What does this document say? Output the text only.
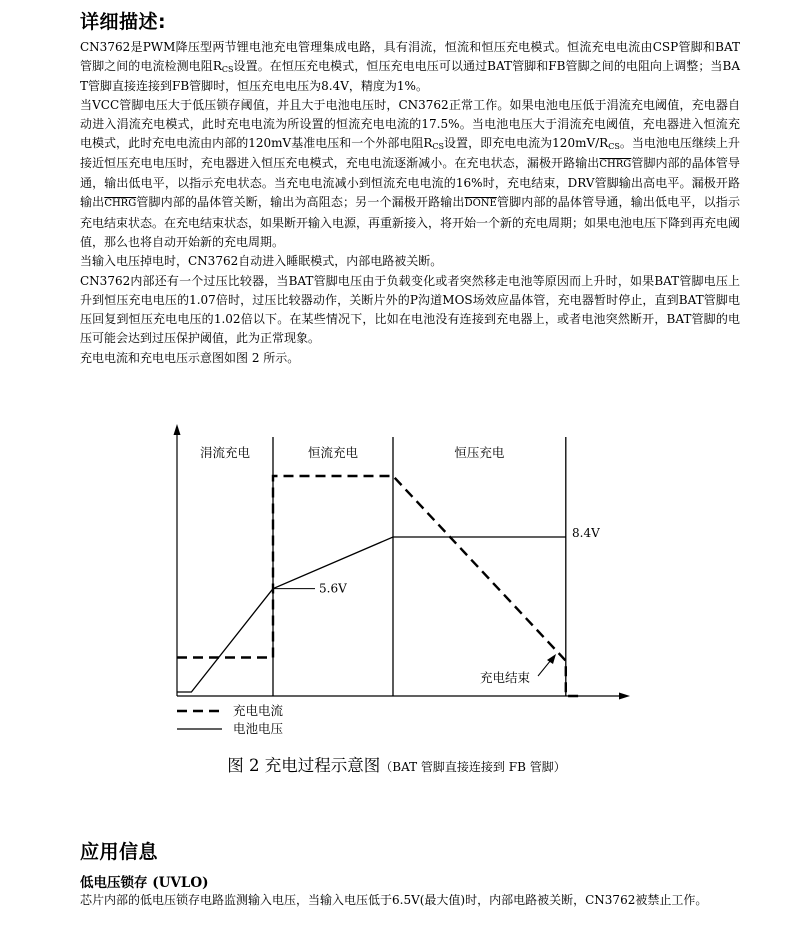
详细描述:

CN3762是PWM降压型两节锂电池充电管理集成电路，具有涓流，恒流和恒压充电模式。恒流充电电流由CSP管脚和BAT管脚之间的电流检测电阻$R_{CS}$设置。在恒压充电模式，恒压充电电压可以通过BAT管脚和FB管脚之间的电阻向上调整；当BAT管脚直接连接到FB管脚时，恒压充电电压为8.4V，精度为1%。

当VCC管脚电压大于低压锁存阈值，并且大于电池电压时，CN3762正常工作。如果电池电压低于涓流充电阈值，充电器自动进入涓流充电模式，此时充电电流为所设置的恒流充电电流的17.5%。当电池电压大于涓流充电阈值，充电器进入恒流充电模式，此时充电电流由内部的120mV基准电压和一个外部电阻$R_{CS}$设置，即充电电流为$120mV/R_{CS}$。当电池电压继续上升接近恒压充电电压时，充电器进入恒压充电模式，充电电流逐渐减小。在充电状态，漏极开路输出CHRG管脚内部的晶体管导通，输出低电平，以指示充电状态。当充电电流减小到恒流充电电流的16%时，充电结束，DRV管脚输出高电平。漏极开路输出CHRG管脚内部的晶体管关断，输出为高阻态；另一个漏极开路输出DONE管脚内部的晶体管导通，输出低电平，以指示充电结束状态。在充电结束状态，如果断开输入电源，再重新接入，将开始一个新的充电周期；如果电池电压下降到再充电阈值，那么也将自动开始新的充电周期。

当输入电压掉电时，CN3762自动进入睡眠模式，内部电路被关断。

CN3762内部还有一个过压比较器，当BAT管脚电压由于负载变化或者突然移走电池等原因而上升时，如果BAT管脚电压上升到恒压充电电压的1.07倍时，过压比较器动作，关断片外的P沟道MOS场效应晶体管，充电器暂时停止，直到BAT管脚电压回复到恒压充电电压的1.02倍以下。在某些情况下，比如在电池没有连接到充电器上，或者电池突然断开，BAT管脚的电压可能会达到过压保护阈值，此为正常现象。

充电电流和充电电压示意图如图 2 所示。

涓流充电	恒流充电	恒压充电
5.6V
8.4V
充电结束
充电电流
电池电压
图 2 充电过程示意图（BAT 管脚直接连接到 FB 管脚）
应用信息
低电压锁存 (UVLO)
芯片内部的低电压锁存电路监测输入电压，当输入电压低于6.5V(最大值)时，内部电路被关断，CN3762被禁止工作。
